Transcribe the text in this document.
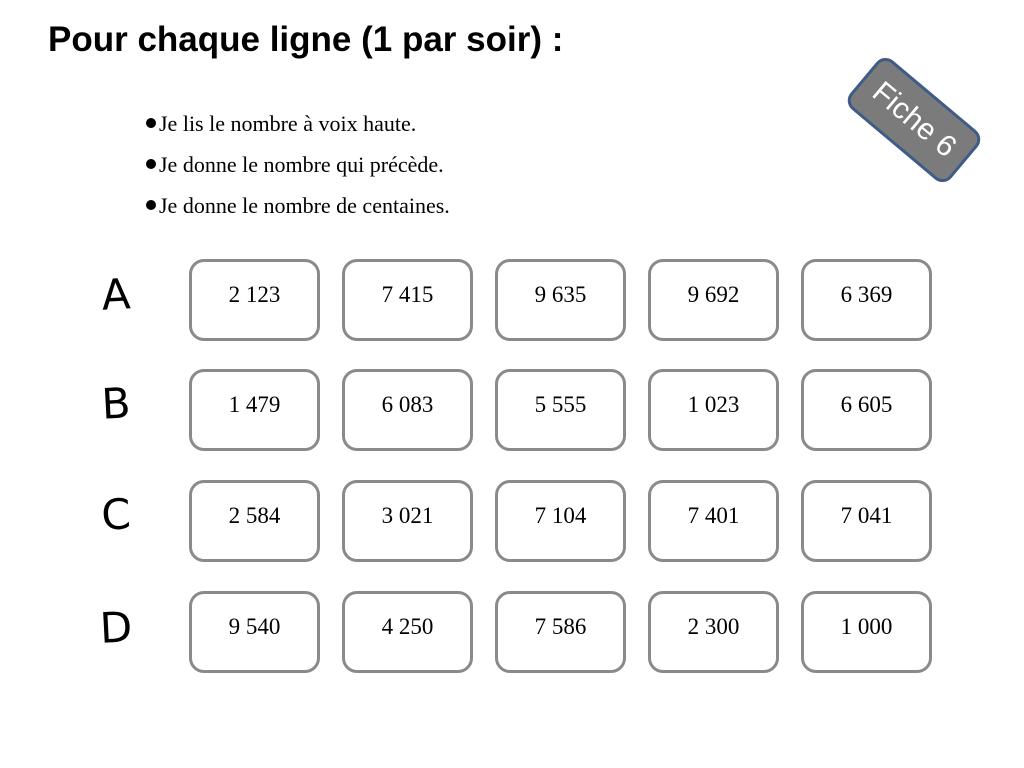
Pour chaque ligne (1 par soir) :
Je lis le nombre à voix haute.
Je donne le nombre qui précède.
Je donne le nombre de centaines.
Fiche 6
A	2 123	7 415	9 635	9 692	6 369
B	1 479	6 083	5 555	1 023	6 605
C	2 584	3 021	7 104	7 401	7 041
D	9 540	4 250	7 586	2 300	1 000
